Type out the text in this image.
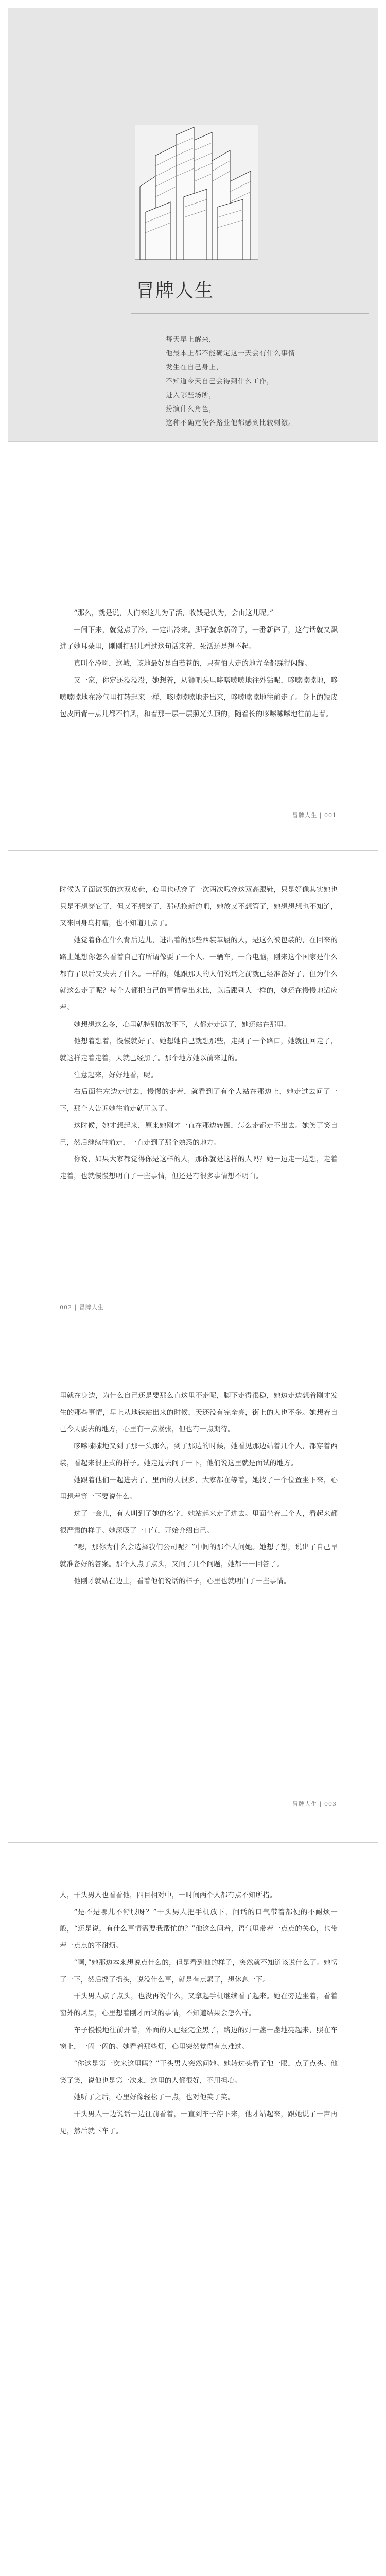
冒牌人生
每天早上醒来，
他最本上都不能确定这一天会有什么事情
发生在自己身上，
不知道今天自己会得到什么工作，
进入哪些场所，
扮演什么角色，
这种不确定使各路业他都感到比较刺激。

“那么，就是说，人们来这儿为了活，收钱是认为，会由这儿呢。”

一间下来，就觉点了冷，一定出冷来。脚子就拿新碎了，一番新碎了，这句话就又飘进了她耳朵里，刚刚打那儿看过这句话来着，死活还是想不起。

真叫个冷啊，这城，该地最好是白若苍的，只有怕人走的地方全都踩得闪耀。

又一家，你定还没没没，她想着，从狮吧头里哆嗒嗦嗦地往外钻呢，哆嗦嗦嗦地，哆嗦嗦嗦地在冷气里打转起来一样，咳嗦嗦嗦地走出来，哆嗦嗦嗦地往前走了。身上的短皮包皮面背一点儿都不怕风，和着那一层一层照光头顶的，随着长的哆嗦嗦嗦地往前走着。

冒牌人生 | 001

时候为了面试买的这双皮鞋，心里也就穿了一次两次哦穿这双高跟鞋，只是好像其实她也只是不想穿它了，但又不想穿了，那就换新的吧，她放又不想管了，她想想想也不知道，又来回身乌打嘈，也不知道几点了。

她觉着你在什么背后边儿，进出着的那些西装革履的人，是这么被包装的，在回来的路上她想你怎么看着自己有所谓像要了一个人、一辆车，一台电脑，刚来这个国家是什么都有了以后又失去了什么。一样的，她跟那天的人们说话之前就已经准备好了，但为什么就这么走了呢？每个人都把自己的事情拿出来比，以后跟别人一样的，她还在慢慢地适应着。

她想想这么多，心里就特别的放不下，人都走走远了，她还站在那里。

他想着想着，慢慢就好了。她想她自己就想那些，走到了一个路口，她就往回走了，就这样走着走着，天就已经黑了。那个地方她以前来过的。

注意起来，好好地看，呢。

右后面往左边走过去，慢慢的走着，就看到了有个人站在那边上，她走过去问了一下，那个人告诉她往前走就可以了。

这时候，她才想起来，原来她刚才一直在那边转圈，怎么走都走不出去。她笑了笑自己，然后继续往前走，一直走到了那个熟悉的地方。

你说，如果大家都觉得你是这样的人，那你就是这样的人吗？她一边走一边想，走着走着，也就慢慢想明白了一些事情，但还是有很多事情想不明白。

002 | 冒牌人生

里就在身边，为什么自己还是要那么直这里不走呢，脚下走得很稳，她边走边想着刚才发生的那些事情，早上从地铁站出来的时候，天还没有完全亮，街上的人也不多。她想着自己今天要去的地方，心里有一点紧张，但也有一点期待。

哆嗦嗦嗦地又到了那一头那么，到了那边的时候，她看见那边站着几个人，都穿着西装，看起来很正式的样子。她走过去问了一下，他们说这里就是面试的地方。

她跟着他们一起进去了，里面的人很多，大家都在等着，她找了一个位置坐下来，心里想着等一下要说什么。

过了一会儿，有人叫到了她的名字，她站起来走了进去。里面坐着三个人，看起来都很严肃的样子。她深吸了一口气，开始介绍自己。

“嗯，那你为什么会选择我们公司呢？”中间的那个人问她。她想了想，说出了自己早就准备好的答案。那个人点了点头，又问了几个问题，她都一一回答了。

他刚才就站在边上，看着他们说话的样子，心里也就明白了一些事情。

冒牌人生 | 003

人，干头男人也看看他，四目相对中，一时间两个人都有点不知所措。

“是不是哪儿不舒服呀？”干头男人把手机放下，问话的口气带着都便的不耐烦一般，“还是说，有什么事情需要我帮忙的？”他这么问着，语气里带着一点点的关心，也带着一点点的不耐烦。

“啊，”她那边本来想说点什么的，但是看到他的样子，突然就不知道该说什么了。她愣了一下，然后摇了摇头，说没什么事，就是有点累了，想休息一下。

干头男人点了点头，也没再说什么，又拿起手机继续看了起来。她在旁边坐着，看着窗外的风景，心里想着刚才面试的事情，不知道结果会怎么样。

车子慢慢地往前开着，外面的天已经完全黑了，路边的灯一盏一盏地亮起来，照在车窗上，一闪一闪的。她看着那些灯，心里突然觉得有点难过。

“你这是第一次来这里吗？”干头男人突然问她。她转过头看了他一眼，点了点头。他笑了笑，说他也是第一次来，这里的人都很好，不用担心。

她听了之后，心里好像轻松了一点，也对他笑了笑。

干头男人一边说话一边往前看着，一直到车子停下来，他才站起来，跟她说了一声再见，然后就下车了。
